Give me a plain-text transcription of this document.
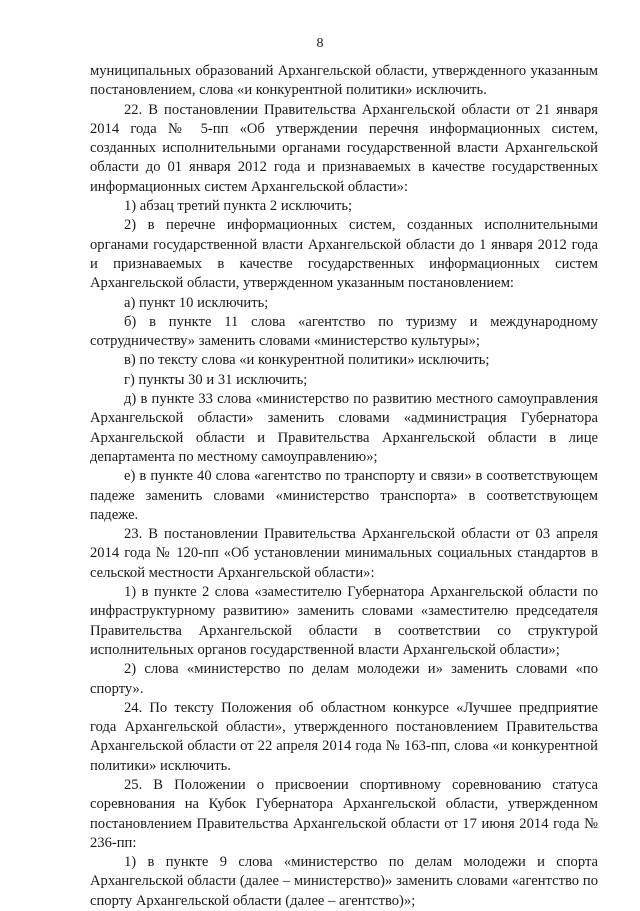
8

муниципальных образований Архангельской области, утвержденного указанным постановлением, слова «и конкурентной политики» исключить.

22. В постановлении Правительства Архангельской области от 21 января 2014 года № 5-пп «Об утверждении перечня информационных систем, созданных исполнительными органами государственной власти Архангельской области до 01 января 2012 года и признаваемых в качестве государственных информационных систем Архангельской области»:

1) абзац третий пункта 2 исключить;

2) в перечне информационных систем, созданных исполнительными органами государственной власти Архангельской области до 1 января 2012 года и признаваемых в качестве государственных информационных систем Архангельской области, утвержденном указанным постановлением:

а) пункт 10 исключить;

б) в пункте 11 слова «агентство по туризму и международному сотрудничеству» заменить словами «министерство культуры»;

в) по тексту слова «и конкурентной политики» исключить;

г) пункты 30 и 31 исключить;

д) в пункте 33 слова «министерство по развитию местного самоуправления Архангельской области» заменить словами «администрация Губернатора Архангельской области и Правительства Архангельской области в лице департамента по местному самоуправлению»;

е) в пункте 40 слова «агентство по транспорту и связи» в соответствующем падеже заменить словами «министерство транспорта» в соответствующем падеже.

23. В постановлении Правительства Архангельской области от 03 апреля 2014 года № 120-пп «Об установлении минимальных социальных стандартов в сельской местности Архангельской области»:

1) в пункте 2 слова «заместителю Губернатора Архангельской области по инфраструктурному развитию» заменить словами «заместителю председателя Правительства Архангельской области в соответствии со структурой исполнительных органов государственной власти Архангельской области»;

2) слова «министерство по делам молодежи и» заменить словами «по спорту».

24. По тексту Положения об областном конкурсе «Лучшее предприятие года Архангельской области», утвержденного постановлением Правительства Архангельской области от 22 апреля 2014 года № 163-пп, слова «и конкурентной политики» исключить.

25. В Положении о присвоении спортивному соревнованию статуса соревнования на Кубок Губернатора Архангельской области, утвержденном постановлением Правительства Архангельской области от 17 июня 2014 года № 236-пп:

1) в пункте 9 слова «министерство по делам молодежи и спорта Архангельской области (далее – министерство)» заменить словами «агентство по спорту Архангельской области (далее – агентство)»;
